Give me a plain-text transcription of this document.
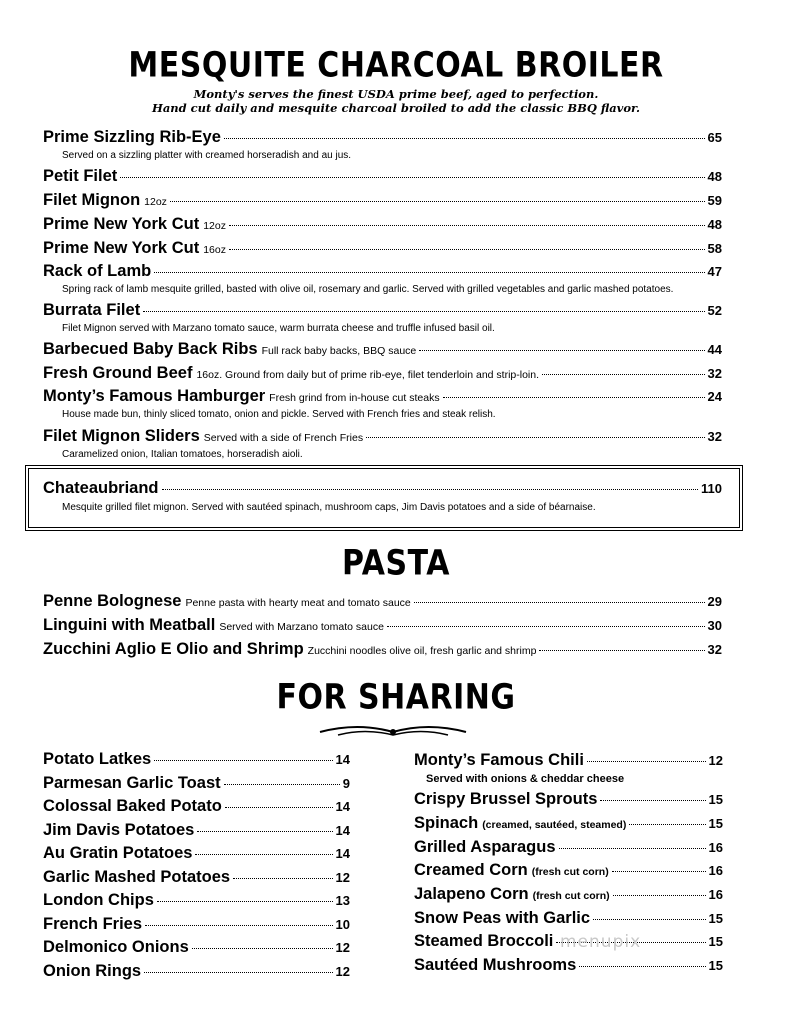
MESQUITE CHARCOAL BROILER
Monty's serves the finest USDA prime beef, aged to perfection.
Hand cut daily and mesquite charcoal broiled to add the classic BBQ flavor.
Prime Sizzling Rib-Eye	65
Served on a sizzling platter with creamed horseradish and au jus.
Petit Filet	48
Filet Mignon 12oz	59
Prime New York Cut 12oz	48
Prime New York Cut 16oz	58
Rack of Lamb	47
Spring rack of lamb mesquite grilled, basted with olive oil, rosemary and garlic. Served with grilled vegetables and garlic mashed potatoes.
Burrata Filet	52
Filet Mignon served with Marzano tomato sauce, warm burrata cheese and truffle infused basil oil.
Barbecued Baby Back Ribs Full rack baby backs, BBQ sauce	44
Fresh Ground Beef 16oz. Ground from daily but of prime rib-eye, filet tenderloin and strip-loin.	32
Monty’s Famous Hamburger Fresh grind from in-house cut steaks	24
House made bun, thinly sliced tomato, onion and pickle. Served with French fries and steak relish.
Filet Mignon Sliders Served with a side of French Fries	32
Caramelized onion, Italian tomatoes, horseradish aioli.
Chateaubriand	110
Mesquite grilled filet mignon. Served with sautéed spinach, mushroom caps, Jim Davis potatoes and a side of béarnaise.
PASTA
Penne Bolognese Penne pasta with hearty meat and tomato sauce	29
Linguini with Meatball Served with Marzano tomato sauce	30
Zucchini Aglio E Olio and Shrimp Zucchini noodles olive oil, fresh garlic and shrimp	32
FOR SHARING
Potato Latkes	14
Parmesan Garlic Toast	9
Colossal Baked Potato	14
Jim Davis Potatoes	14
Au Gratin Potatoes	14
Garlic Mashed Potatoes	12
London Chips	13
French Fries	10
Delmonico Onions	12
Onion Rings	12
Monty’s Famous Chili	12
Served with onions & cheddar cheese
Crispy Brussel Sprouts	15
Spinach (creamed, sautéed, steamed)	15
Grilled Asparagus	16
Creamed Corn (fresh cut corn)	16
Jalapeno Corn (fresh cut corn)	16
Snow Peas with Garlic	15
Steamed Broccoli	15
Sautéed Mushrooms	15
menupix
